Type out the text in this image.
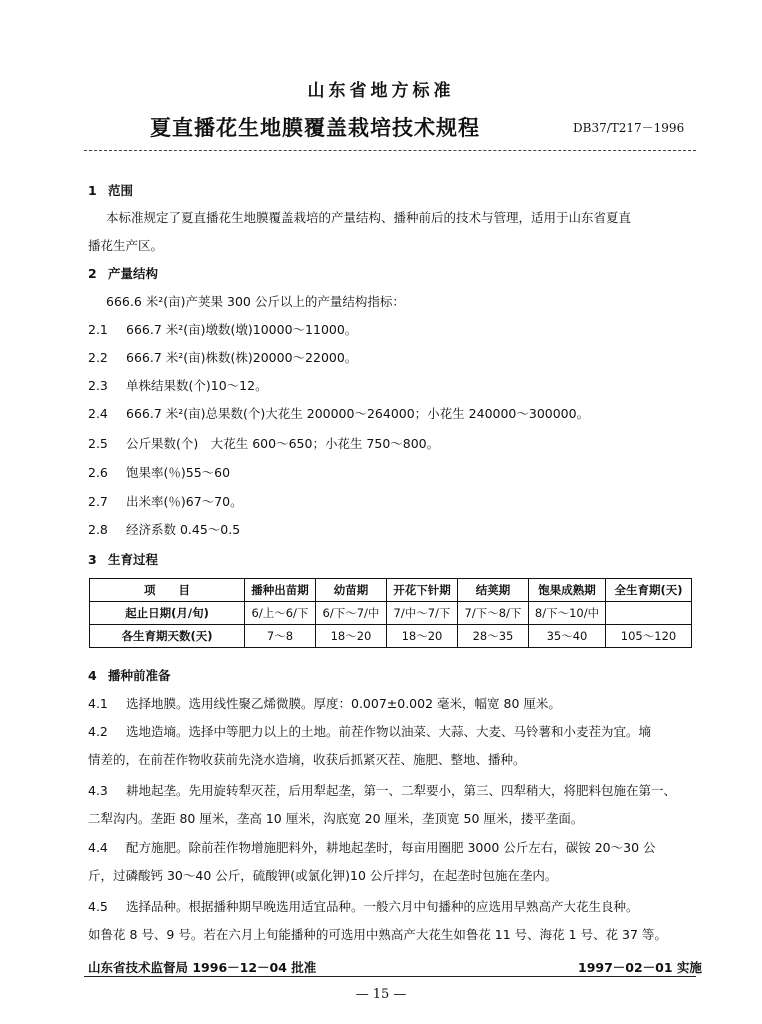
山东省地方标准
夏直播花生地膜覆盖栽培技术规程	DB37/T217－1996
1 范围
本标准规定了夏直播花生地膜覆盖栽培的产量结构、播种前后的技术与管理，适用于山东省夏直
播花生产区。
2 产量结构
666.6 米²(亩)产荚果 300 公斤以上的产量结构指标：
2.1 666.7 米²(亩)墩数(墩)10000～11000。
2.2 666.7 米²(亩)株数(株)20000～22000。
2.3 单株结果数(个)10～12。
2.4 666.7 米²(亩)总果数(个)大花生 200000～264000；小花生 240000～300000。
2.5 公斤果数(个)　大花生 600～650；小花生 750～800。
2.6 饱果率(％)55～60
2.7 出米率(％)67～70。
2.8 经济系数 0.45～0.5
3 生育过程
项　　目	播种出苗期	幼苗期	开花下针期	结荚期	饱果成熟期	全生育期(天)
起止日期(月/旬)	6/上～6/下	6/下～7/中	7/中～7/下	7/下～8/下	8/下～10/中	
各生育期天数(天)	7～8	18～20	18～20	28～35	35～40	105～120
4 播种前准备
4.1 选择地膜。选用线性聚乙烯微膜。厚度：0.007±0.002 毫米，幅宽 80 厘米。
4.2 选地造墒。选择中等肥力以上的土地。前茬作物以油菜、大蒜、大麦、马铃薯和小麦茬为宜。墒
情差的，在前茬作物收获前先浇水造墒，收获后抓紧灭茬、施肥、整地、播种。
4.3 耕地起垄。先用旋转犁灭茬，后用犁起垄，第一、二犁要小，第三、四犁稍大，将肥料包施在第一、
二犁沟内。垄距 80 厘米，垄高 10 厘米，沟底宽 20 厘米，垄顶宽 50 厘米，搂平垄面。
4.4 配方施肥。除前茬作物增施肥料外，耕地起垄时，每亩用圈肥 3000 公斤左右，碳铵 20～30 公
斤，过磷酸钙 30～40 公斤，硫酸钾(或氯化钾)10 公斤拌匀，在起垄时包施在垄内。
4.5 选择品种。根据播种期早晚选用适宜品种。一般六月中旬播种的应选用早熟高产大花生良种。
如鲁花 8 号、9 号。若在六月上旬能播种的可选用中熟高产大花生如鲁花 11 号、海花 1 号、花 37 等。
山东省技术监督局 1996－12－04 批准	1997－02－01 实施
— 15 —
